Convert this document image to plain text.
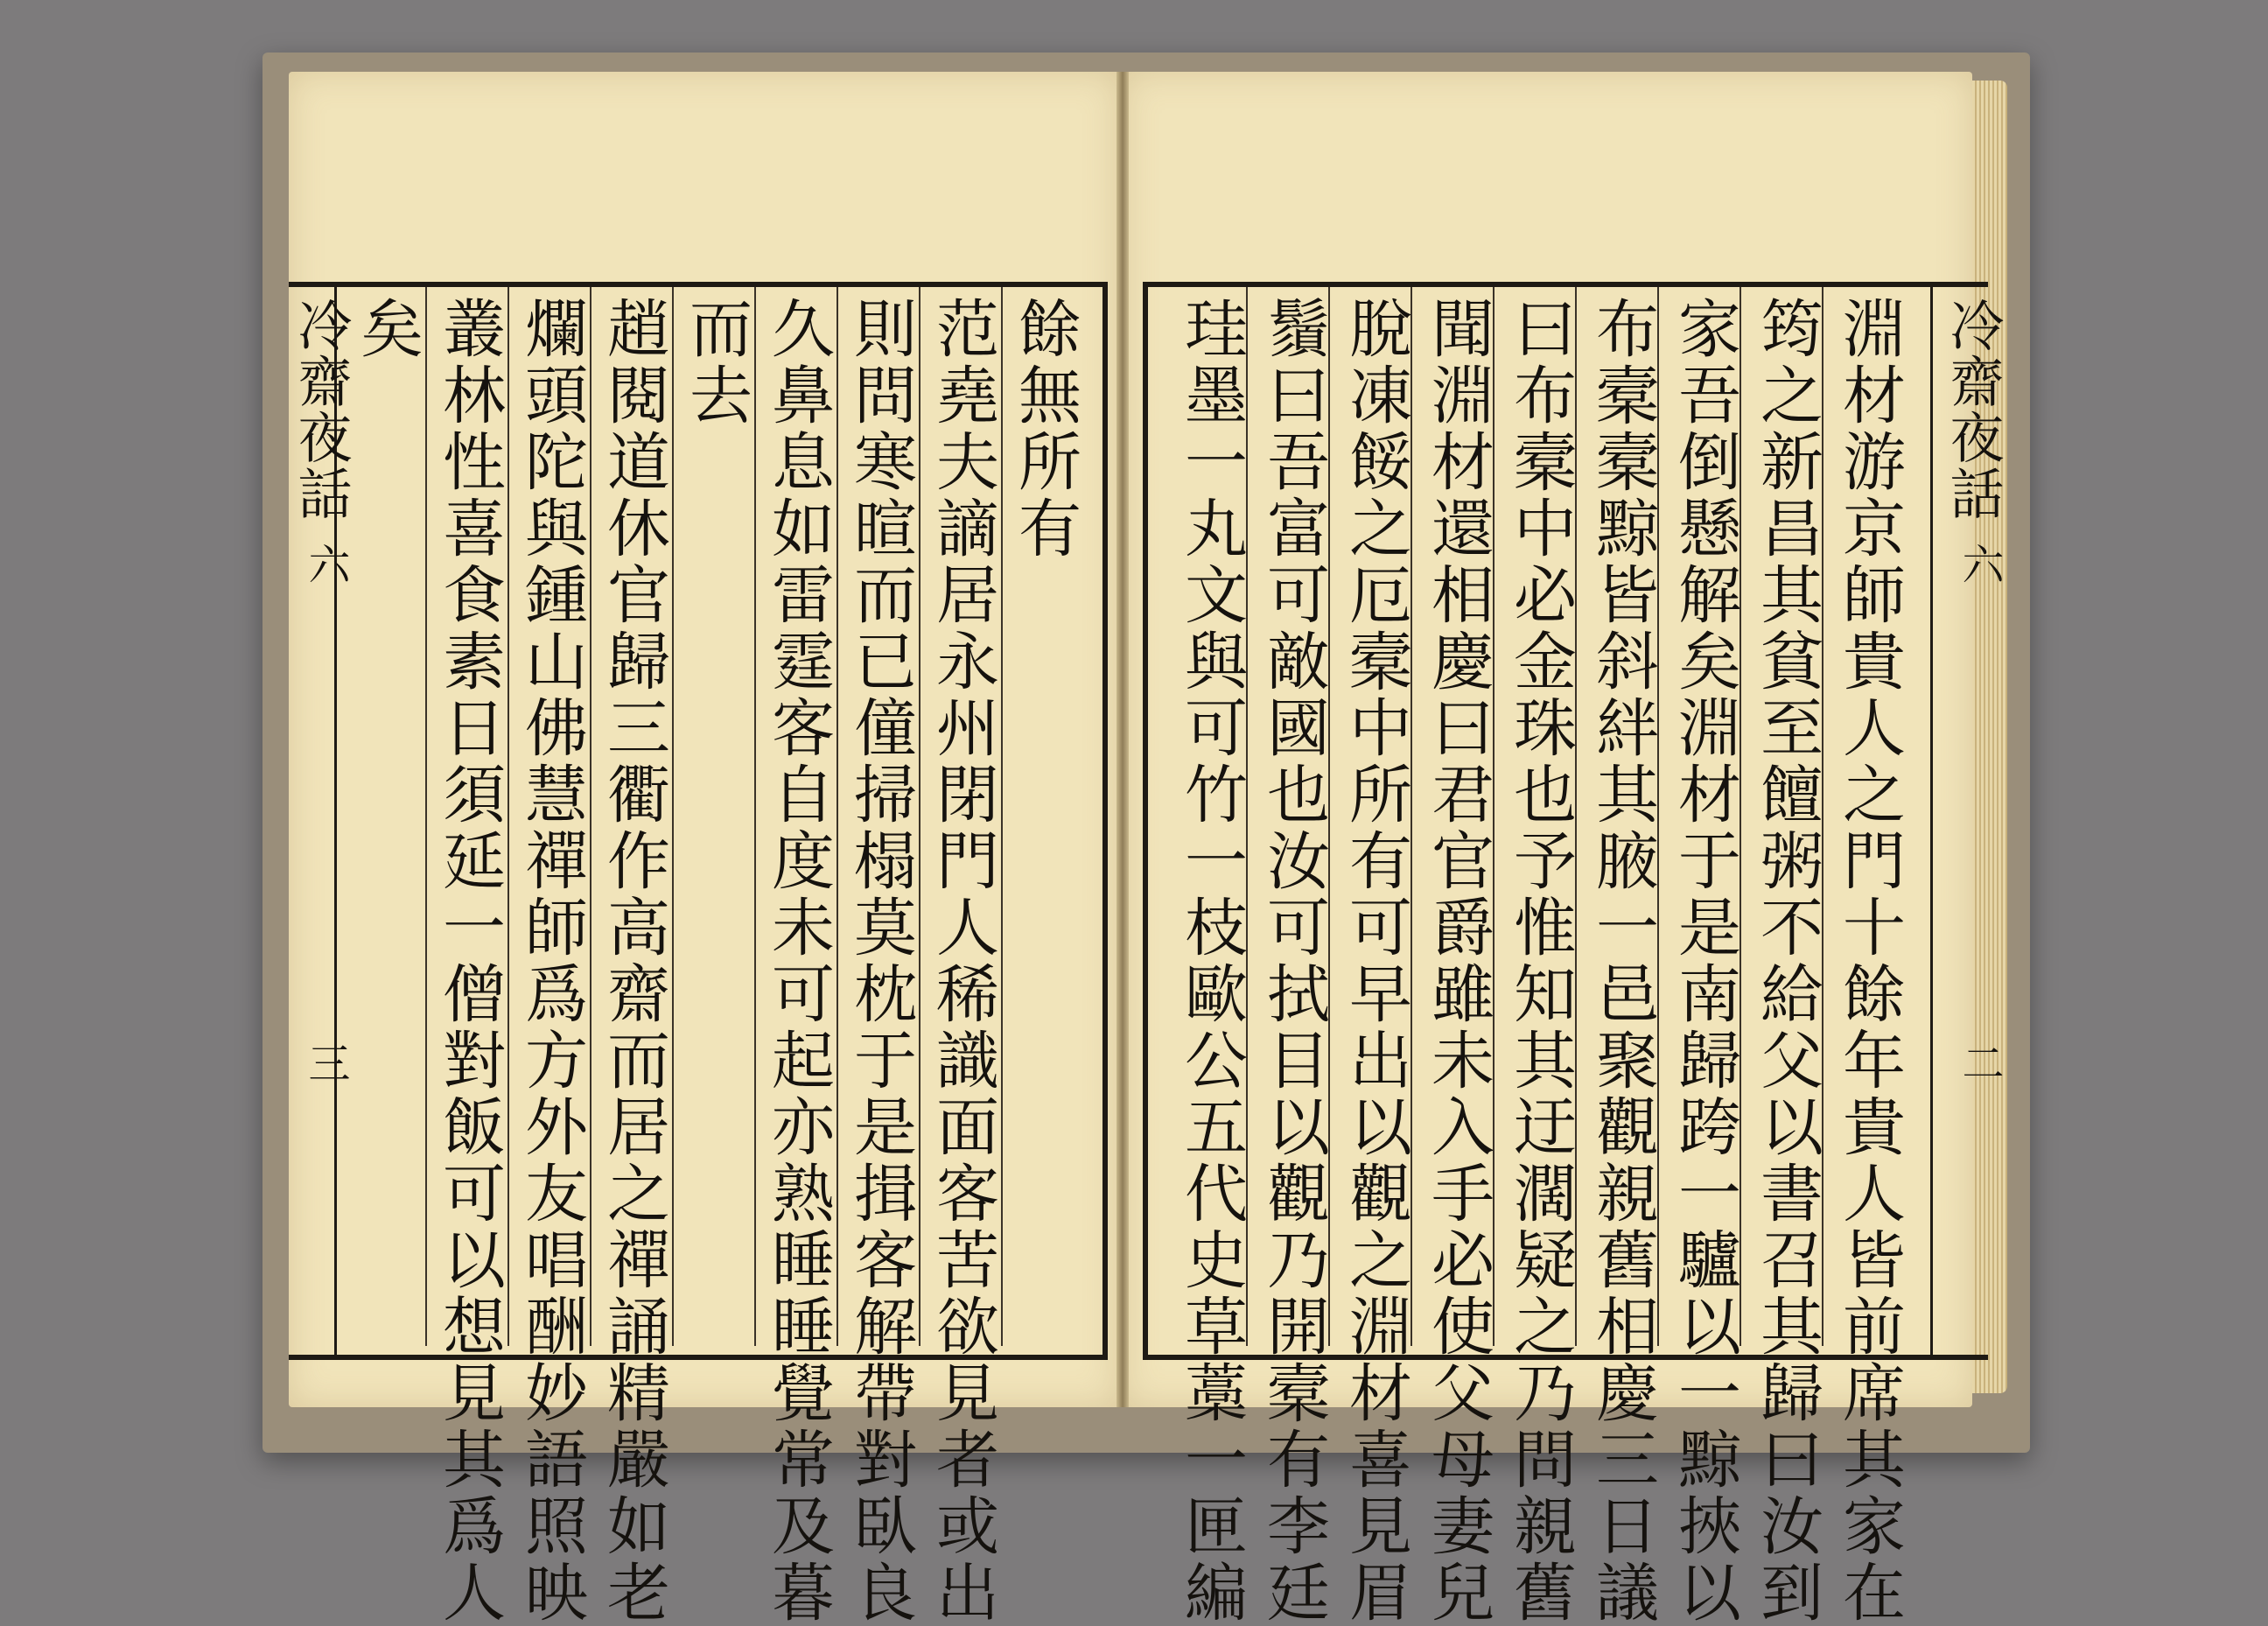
冷齋夜話
六
三
冷齋夜話
六
二
餘無所有
范堯夫謫居永州閉門人稀識面客苦欲見者或出
則問寒暄而已僮掃榻莫枕于是揖客解帶對臥良
久鼻息如雷霆客自度未可起亦熟睡睡覺常及暮
而去
趙閱道休官歸三衢作高齋而居之禪誦精嚴如老
爛頭陀與鍾山佛慧禪師爲方外友唱酬妙語照映
叢林性喜食素日須延一僧對飯可以想見其爲人
矣	淵材游京師貴人之門十餘年貴人皆前席其家在
筠之新昌其貧至饘粥不給父以書召其歸曰汝到
家吾倒懸解矣淵材于是南歸跨一驢以一黥挾以
布槖槖黥皆斜絆其腋一邑聚觀親舊相慶三日議
曰布槖中必金珠也予惟知其迂濶疑之乃問親舊
聞淵材還相慶曰君官爵雖未入手必使父母妻兒
脫凍餒之厄槖中所有可早出以觀之淵材喜見眉
鬚曰吾富可敵國也汝可拭目以觀乃開槖有李廷
珪墨一丸文與可竹一枝歐公五代史草藁一匣編
